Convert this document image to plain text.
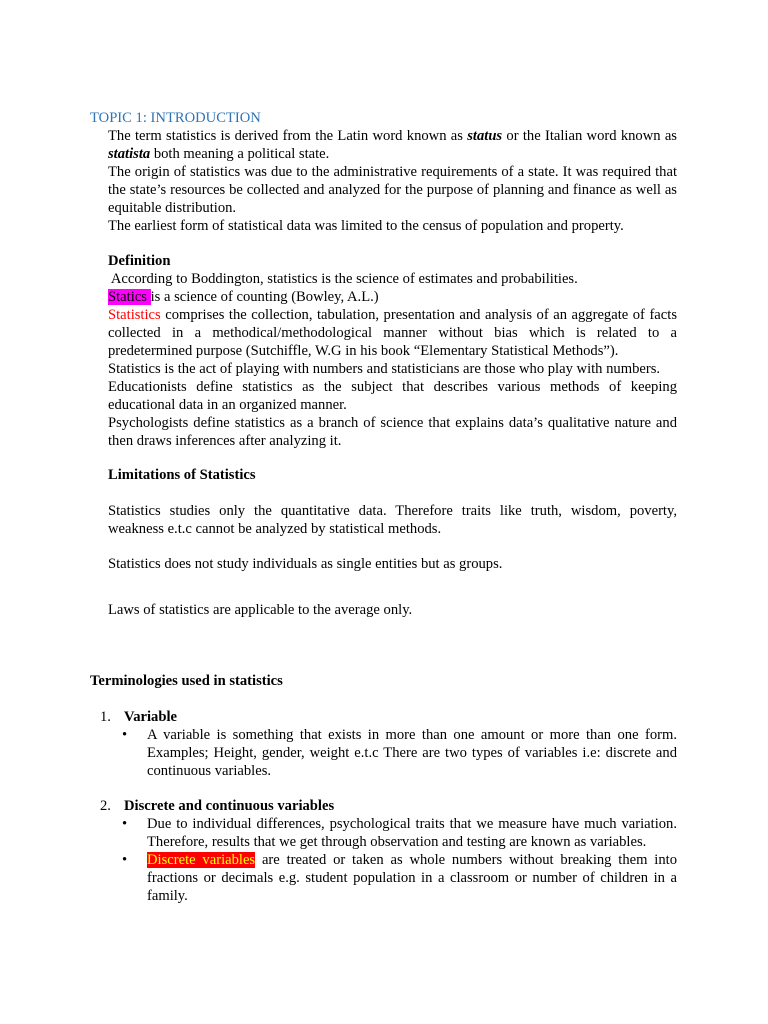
TOPIC 1: INTRODUCTION

The term statistics is derived from the Latin word known as status or the Italian word known as statista both meaning a political state.

The origin of statistics was due to the administrative requirements of a state. It was required that the state’s resources be collected and analyzed for the purpose of planning and finance as well as equitable distribution.

The earliest form of statistical data was limited to the census of population and property.

Definition

According to Boddington, statistics is the science of estimates and probabilities.

Statics is a science of counting (Bowley, A.L.)

Statistics comprises the collection, tabulation, presentation and analysis of an aggregate of facts collected in a methodical/methodological manner without bias which is related to a predetermined purpose (Sutchiffle, W.G in his book “Elementary Statistical Methods”).

Statistics is the act of playing with numbers and statisticians are those who play with numbers.

Educationists define statistics as the subject that describes various methods of keeping educational data in an organized manner.

Psychologists define statistics as a branch of science that explains data’s qualitative nature and then draws inferences after analyzing it.

Limitations of Statistics
Statistics studies only the quantitative data. Therefore traits like truth, wisdom, poverty, weakness e.t.c cannot be analyzed by statistical methods.
Statistics does not study individuals as single entities but as groups.
Laws of statistics are applicable to the average only.
Terminologies used in statistics
1. Variable
•	A variable is something that exists in more than one amount or more than one form. Examples; Height, gender, weight e.t.c There are two types of variables i.e: discrete and continuous variables.
2. Discrete and continuous variables
•	Due to individual differences, psychological traits that we measure have much variation. Therefore, results that we get through observation and testing are known as variables.
•	Discrete variables are treated or taken as whole numbers without breaking them into fractions or decimals e.g. student population in a classroom or number of children in a family.
